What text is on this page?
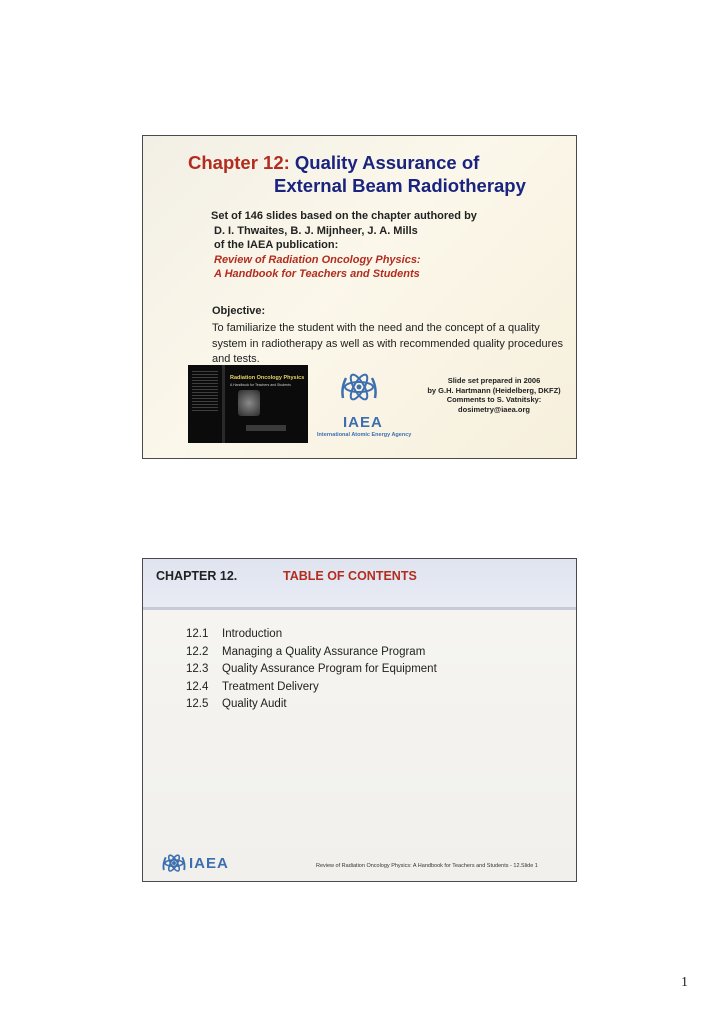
Chapter 12: Quality Assurance of
External Beam Radiotherapy
Set of 146 slides based on the chapter authored by
D. I. Thwaites, B. J. Mijnheer, J. A. Mills
of the IAEA publication:
Review of Radiation Oncology Physics:
A Handbook for Teachers and Students
Objective:
To familiarize the student with the need and the concept of a quality system in radiotherapy as well as with recommended quality procedures and tests.
Radiation Oncology Physics
A Handbook for Teachers and Students
IAEA
International Atomic Energy Agency
Slide set prepared in 2006
by G.H. Hartmann (Heidelberg, DKFZ)
Comments to S. Vatnitsky:
dosimetry@iaea.org
CHAPTER 12.	TABLE OF CONTENTS
12.1 Introduction
12.2 Managing a Quality Assurance Program
12.3 Quality Assurance Program for Equipment
12.4 Treatment Delivery
12.5 Quality Audit
IAEA	Review of Radiation Oncology Physics: A Handbook for Teachers and Students - 12.Slide 1
1
